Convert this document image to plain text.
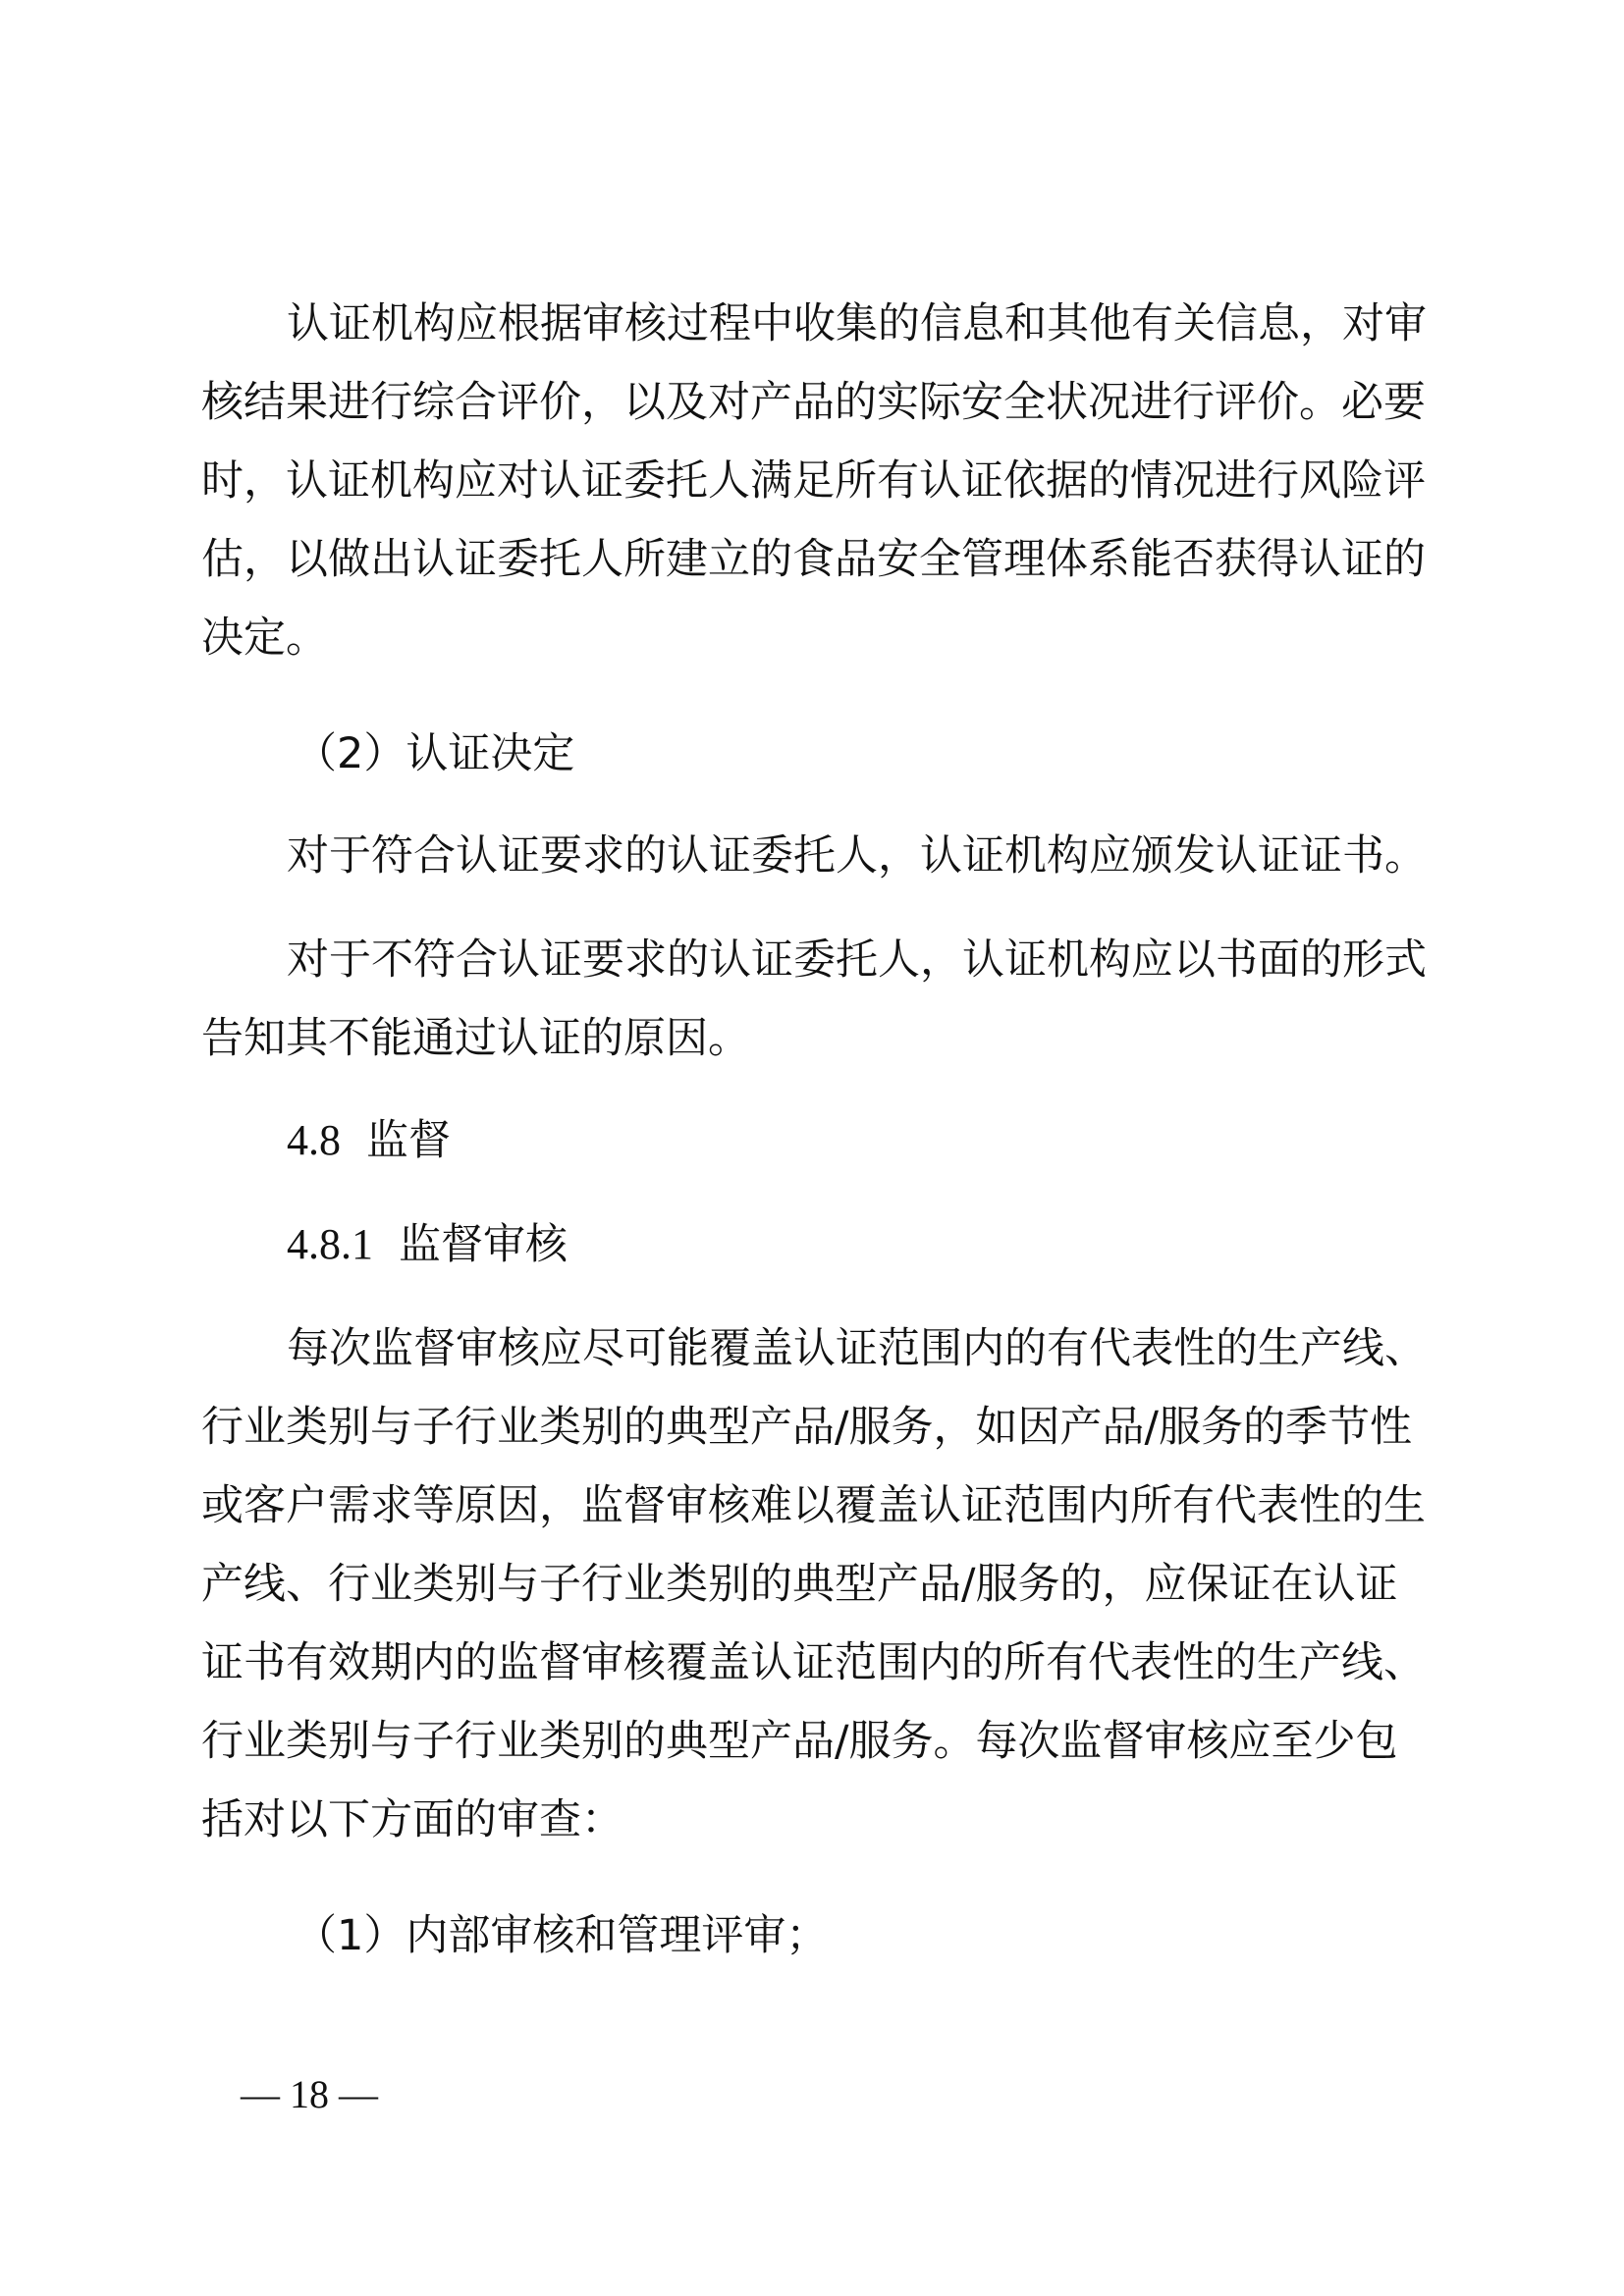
认证机构应根据审核过程中收集的信息和其他有关信息，对审
核结果进行综合评价，以及对产品的实际安全状况进行评价。必要
时，认证机构应对认证委托人满足所有认证依据的情况进行风险评
估，以做出认证委托人所建立的食品安全管理体系能否获得认证的
决定。
（2）认证决定
对于符合认证要求的认证委托人，认证机构应颁发认证证书。
对于不符合认证要求的认证委托人，认证机构应以书面的形式
告知其不能通过认证的原因。
4.8 监督
4.8.1 监督审核
每次监督审核应尽可能覆盖认证范围内的有代表性的生产线、
行业类别与子行业类别的典型产品/服务，如因产品/服务的季节性
或客户需求等原因，监督审核难以覆盖认证范围内所有代表性的生
产线、行业类别与子行业类别的典型产品/服务的，应保证在认证
证书有效期内的监督审核覆盖认证范围内的所有代表性的生产线、
行业类别与子行业类别的典型产品/服务。每次监督审核应至少包
括对以下方面的审查：
（1）内部审核和管理评审；
— 18 —
